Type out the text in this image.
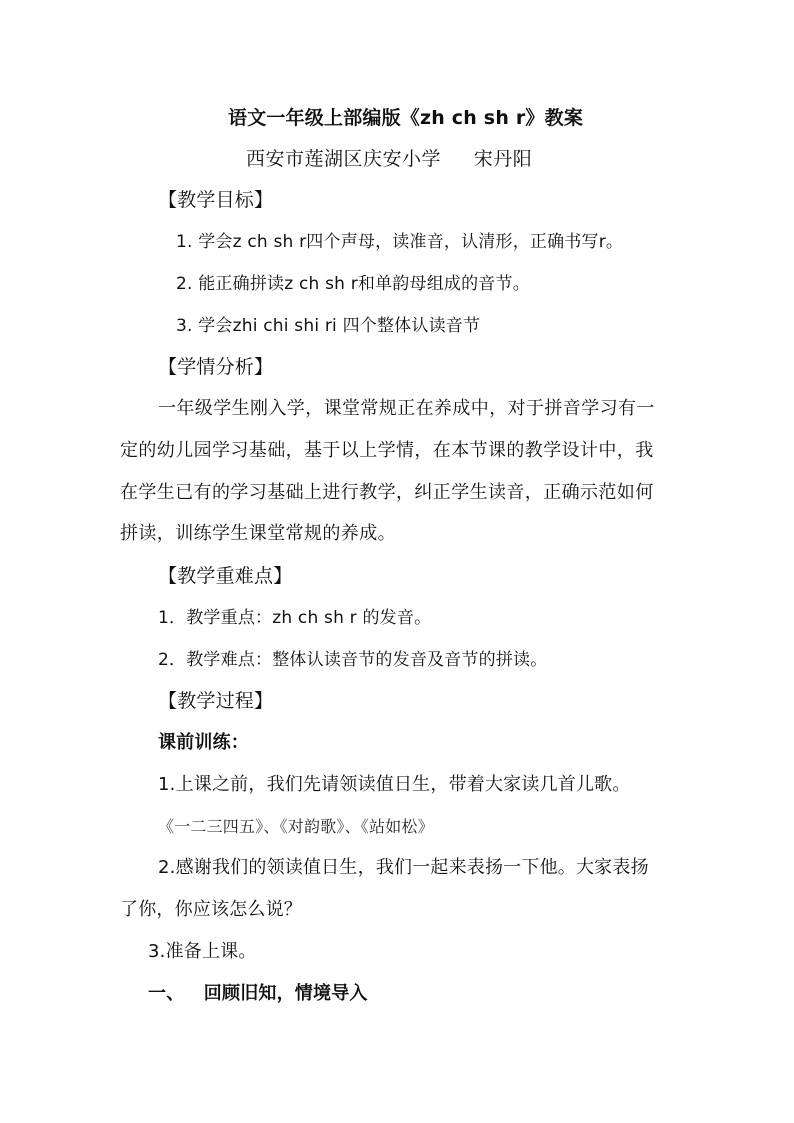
语文一年级上部编版《zh ch sh r》教案
西安市莲湖区庆安小学     宋丹阳
【教学目标】
1. 学会z ch sh r四个声母，读准音，认清形，正确书写r。
2. 能正确拼读z ch sh r和单韵母组成的音节。
3. 学会zhi chi shi ri 四个整体认读音节
【学情分析】
一年级学生刚入学，课堂常规正在养成中，对于拼音学习有一
定的幼儿园学习基础，基于以上学情，在本节课的教学设计中，我
在学生已有的学习基础上进行教学，纠正学生读音，正确示范如何
拼读，训练学生课堂常规的养成。
【教学重难点】
1．教学重点：zh ch sh r 的发音。
2．教学难点：整体认读音节的发音及音节的拼读。
【教学过程】
课前训练：
1.上课之前，我们先请领读值日生，带着大家读几首儿歌。
《一二三四五》、《对韵歌》、《站如松》
2.感谢我们的领读值日生，我们一起来表扬一下他。大家表扬
了你，你应该怎么说？
3.准备上课。
一、   回顾旧知，情境导入
